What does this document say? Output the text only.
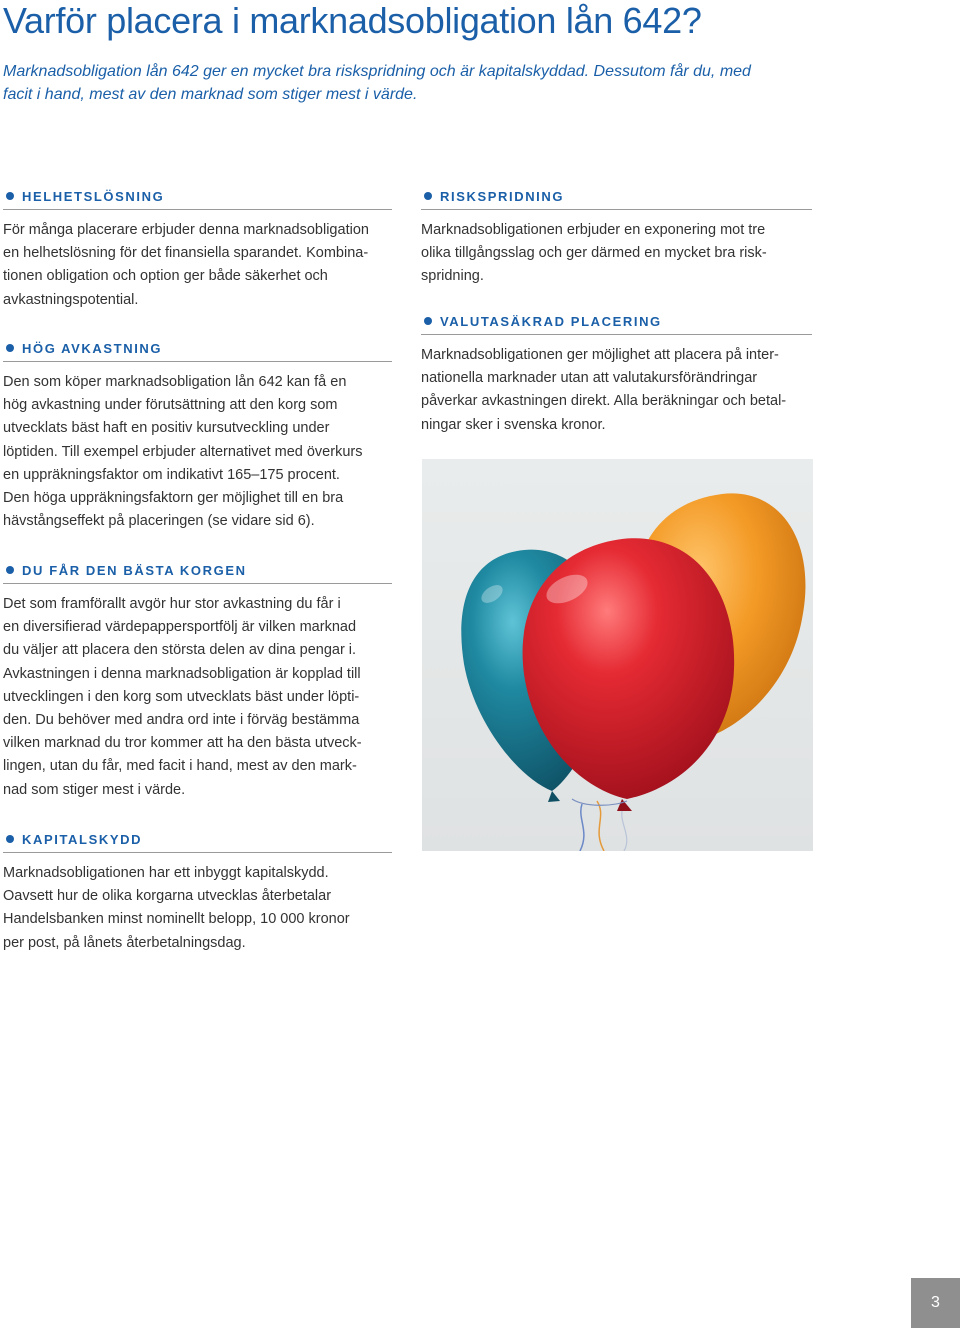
Varför placera i marknadsobligation lån 642?

Marknadsobligation lån 642 ger en mycket bra riskspridning och är kapitalskyddad. Dessutom får du, med facit i hand, mest av den marknad som stiger mest i värde.

HELHETSLÖSNING

För många placerare erbjuder denna marknadsobligation
en helhetslösning för det finansiella sparandet. Kombina-
tionen obligation och option ger både säkerhet och
avkastningspotential.

HÖG AVKASTNING

Den som köper marknadsobligation lån 642 kan få en
hög avkastning under förutsättning att den korg som
utvecklats bäst haft en positiv kursutveckling under
löptiden. Till exempel erbjuder alternativet med överkurs
en uppräkningsfaktor om indikativt 165–175 procent.
Den höga uppräkningsfaktorn ger möjlighet till en bra
hävstångseffekt på placeringen (se vidare sid 6).

DU FÅR DEN BÄSTA KORGEN

Det som framförallt avgör hur stor avkastning du får i
en diversifierad värdepappersportfölj är vilken marknad
du väljer att placera den största delen av dina pengar i.
Avkastningen i denna marknadsobligation är kopplad till
utvecklingen i den korg som utvecklats bäst under löpti-
den. Du behöver med andra ord inte i förväg bestämma
vilken marknad du tror kommer att ha den bästa utveck-
lingen, utan du får, med facit i hand, mest av den mark-
nad som stiger mest i värde.

KAPITALSKYDD

Marknadsobligationen har ett inbyggt kapitalskydd.
Oavsett hur de olika korgarna utvecklas återbetalar
Handelsbanken minst nominellt belopp, 10 000 kronor
per post, på lånets återbetalningsdag.

RISKSPRIDNING

Marknadsobligationen erbjuder en exponering mot tre
olika tillgångsslag och ger därmed en mycket bra risk-
spridning.

VALUTASÄKRAD PLACERING

Marknadsobligationen ger möjlighet att placera på inter-
nationella marknader utan att valutakursförändringar
påverkar avkastningen direkt. Alla beräkningar och betal-
ningar sker i svenska kronor.

3
